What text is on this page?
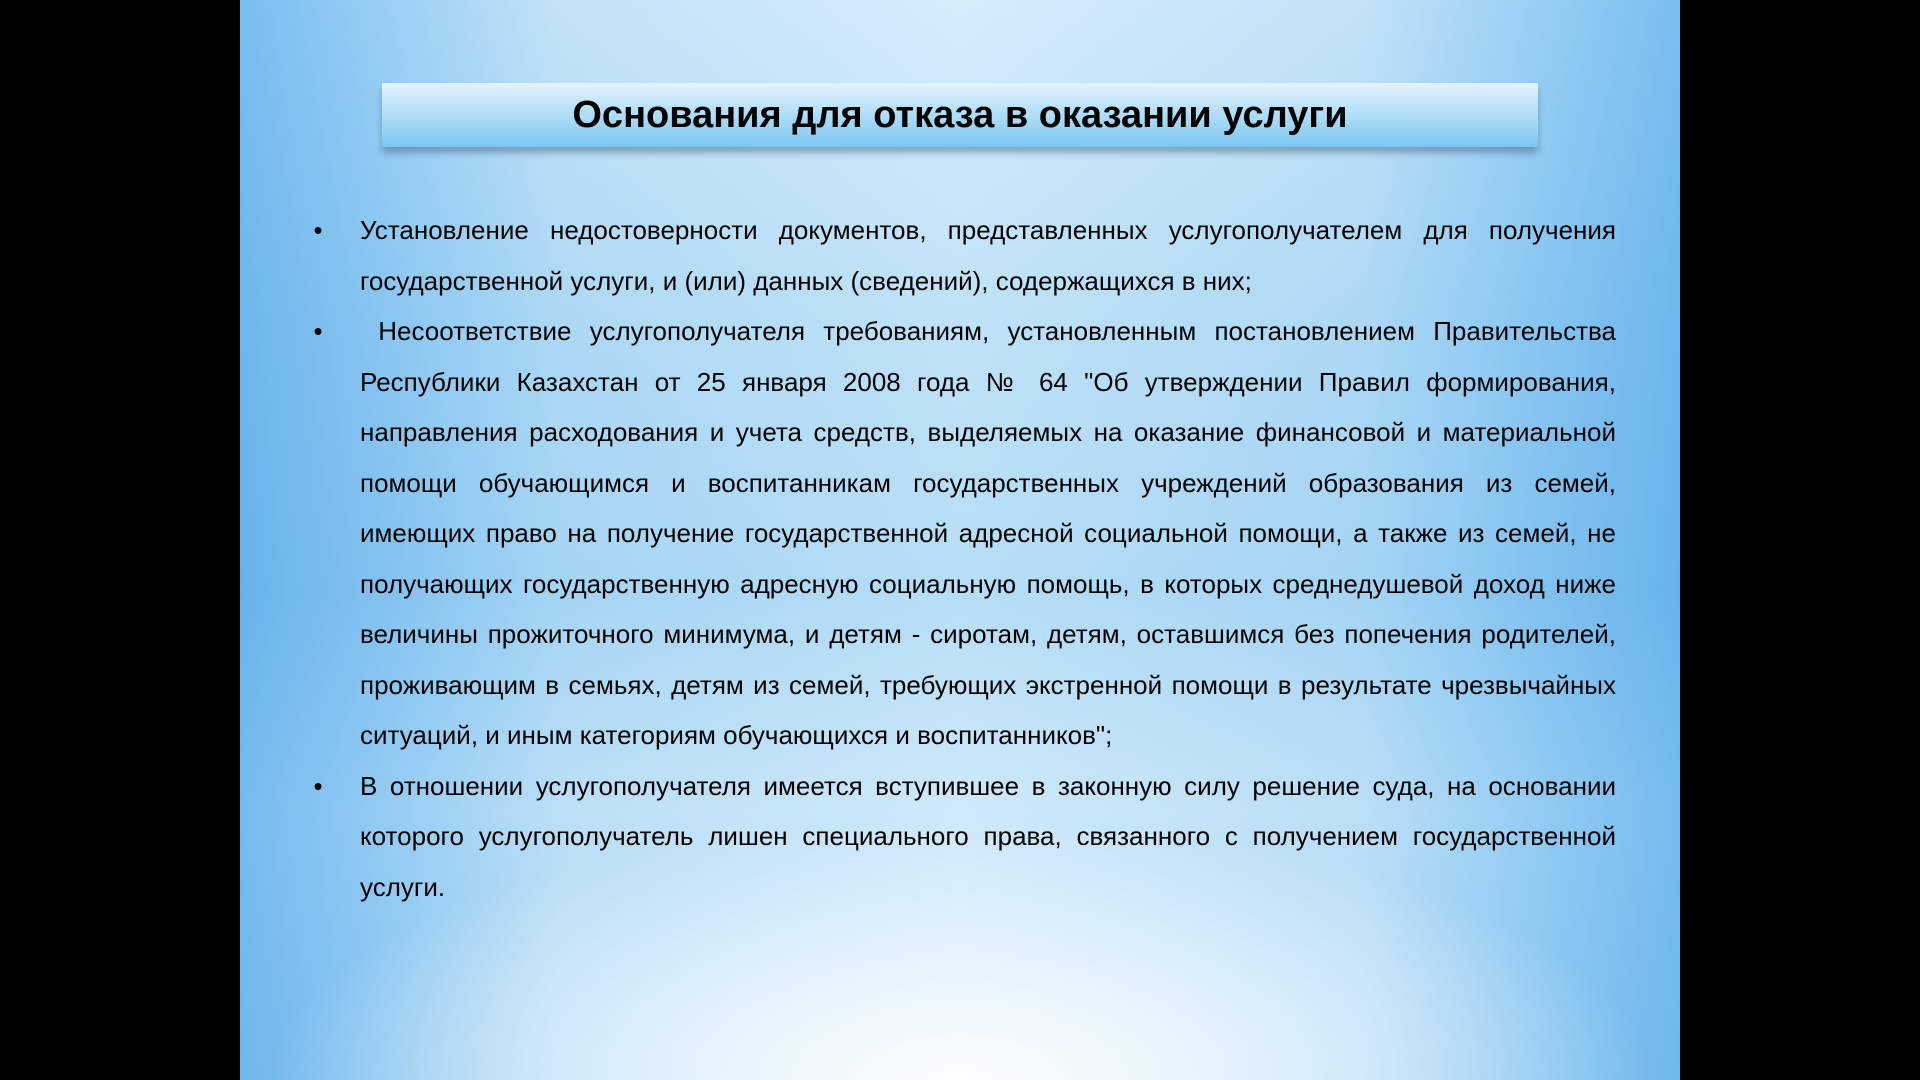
Основания для отказа в оказании услуги
• Установление недостоверности документов, представленных услугополучателем для получения государственной услуги, и (или) данных (сведений), содержащихся в них;
• Несоответствие услугополучателя требованиям, установленным постановлением Правительства Республики Казахстан от 25 января 2008 года № 64 "Об утверждении Правил формирования, направления расходования и учета средств, выделяемых на оказание финансовой и материальной помощи обучающимся и воспитанникам государственных учреждений образования из семей, имеющих право на получение государственной адресной социальной помощи, а также из семей, не получающих государственную адресную социальную помощь, в которых среднедушевой доход ниже величины прожиточного минимума, и детям - сиротам, детям, оставшимся без попечения родителей, проживающим в семьях, детям из семей, требующих экстренной помощи в результате чрезвычайных ситуаций, и иным категориям обучающихся и воспитанников";
• В отношении услугополучателя имеется вступившее в законную силу решение суда, на основании которого услугополучатель лишен специального права, связанного с получением государственной услуги.
